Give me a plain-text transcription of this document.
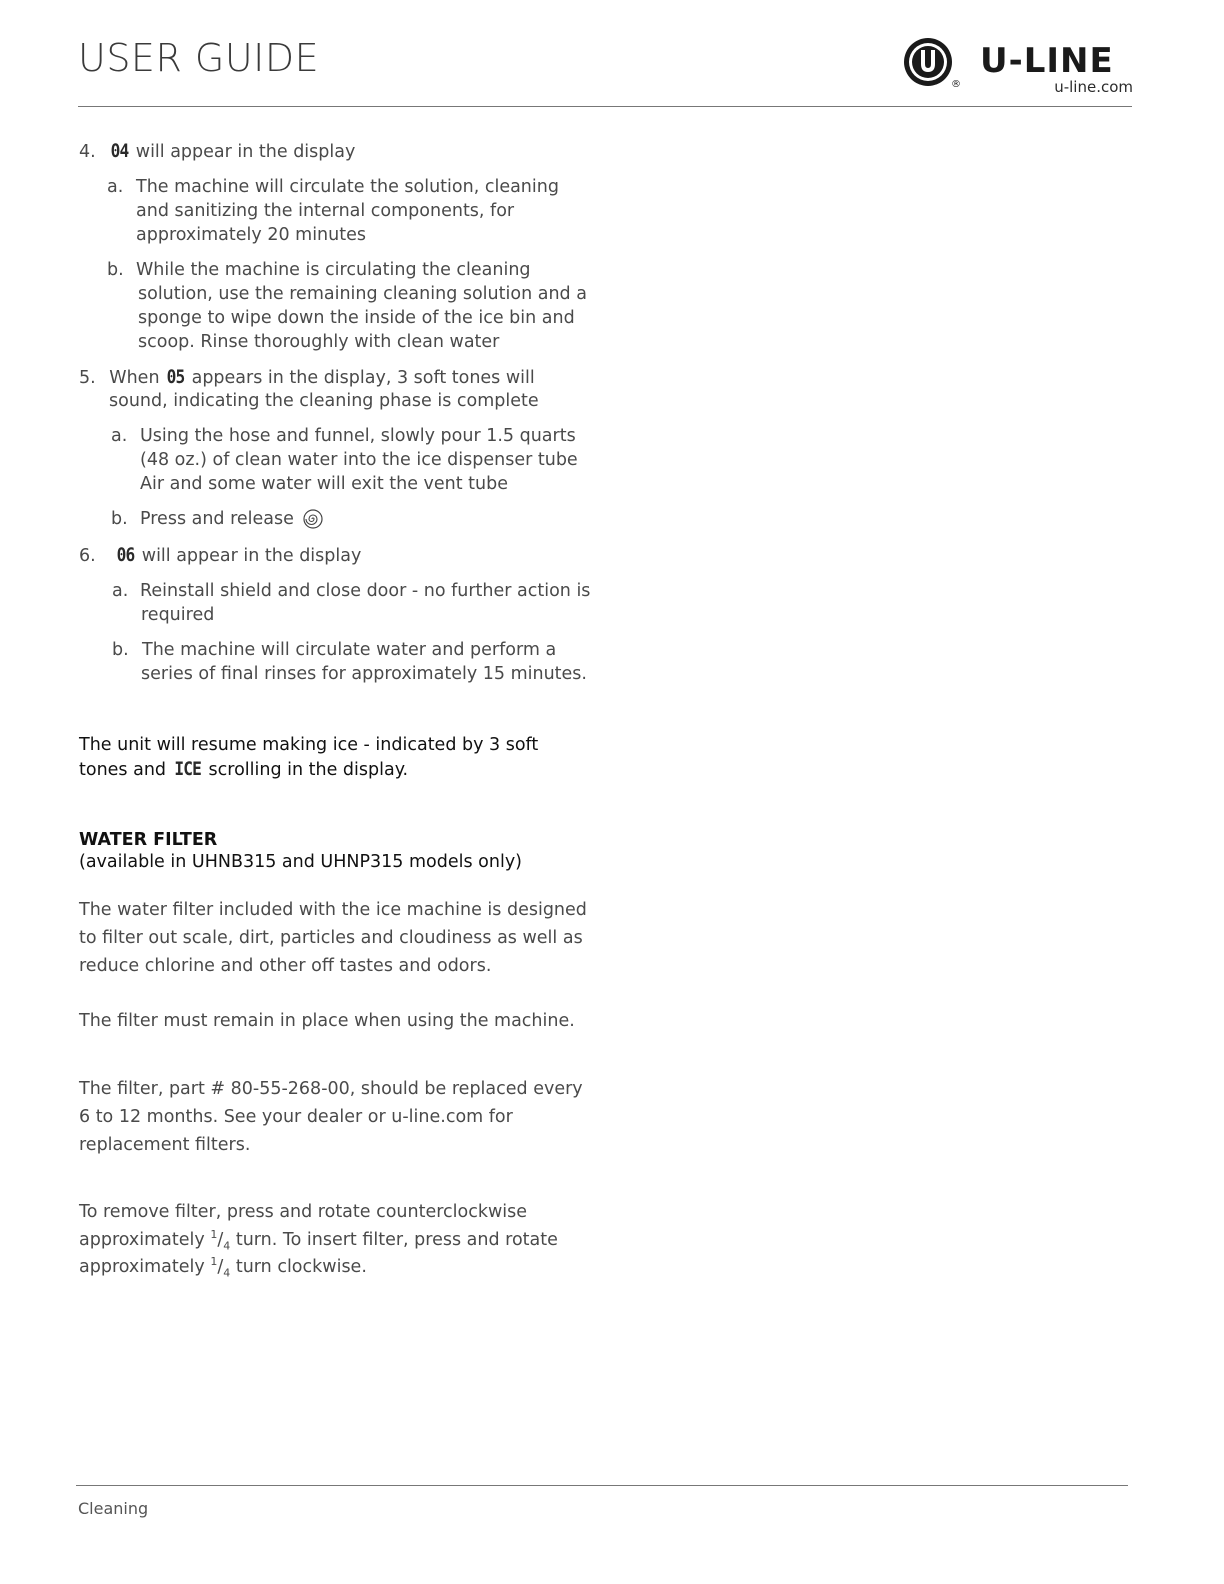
USER GUIDE
®
U-LINE
u-line.com
4. 04 will appear in the display
a. The machine will circulate the solution, cleaning
and sanitizing the internal components, for
approximately 20 minutes
b. While the machine is circulating the cleaning
solution, use the remaining cleaning solution and a
sponge to wipe down the inside of the ice bin and
scoop. Rinse thoroughly with clean water
5. When 05 appears in the display, 3 soft tones will
sound, indicating the cleaning phase is complete
a. Using the hose and funnel, slowly pour 1.5 quarts
(48 oz.) of clean water into the ice dispenser tube
Air and some water will exit the vent tube
b. Press and release
6. 06 will appear in the display
a. Reinstall shield and close door - no further action is
required
b. The machine will circulate water and perform a
series of final rinses for approximately 15 minutes.
The unit will resume making ice - indicated by 3 soft
tones and ICE scrolling in the display.
WATER FILTER
(available in UHNB315 and UHNP315 models only)
The water filter included with the ice machine is designed
to filter out scale, dirt, particles and cloudiness as well as
reduce chlorine and other off tastes and odors.
The filter must remain in place when using the machine.
The filter, part # 80-55-268-00, should be replaced every
6 to 12 months. See your dealer or u-line.com for
replacement filters.
To remove filter, press and rotate counterclockwise
approximately $^1/_4$ turn. To insert filter, press and rotate
approximately $^1/_4$ turn clockwise.
Cleaning
